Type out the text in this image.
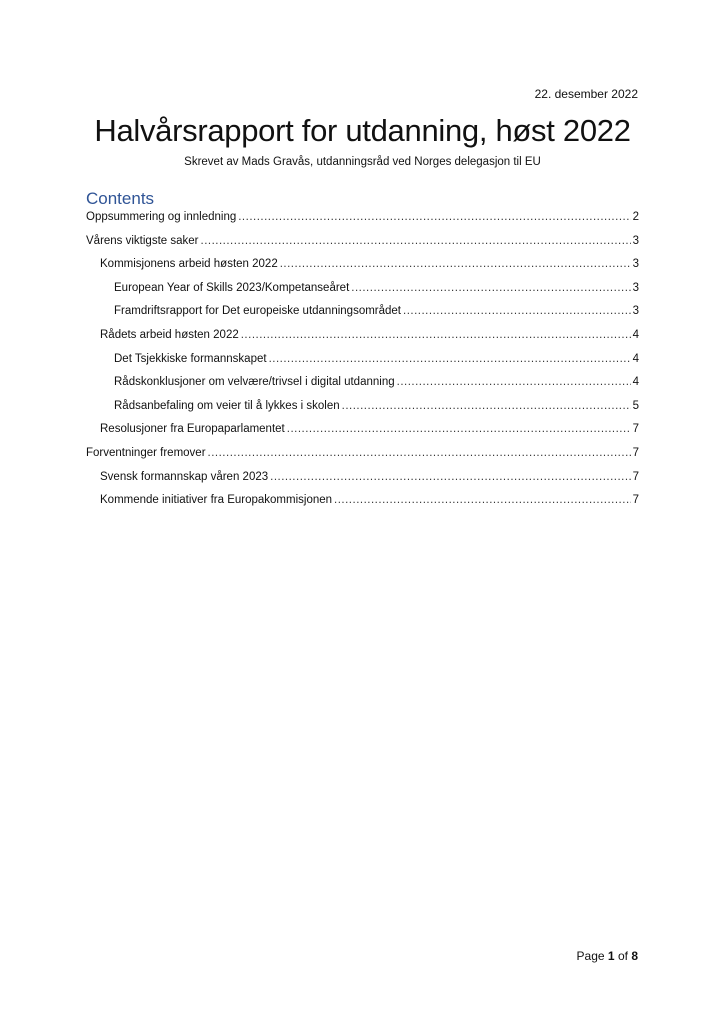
22. desember 2022
Halvårsrapport for utdanning, høst 2022
Skrevet av Mads Gravås, utdanningsråd ved Norges delegasjon til EU
Contents
Oppsummering og innledning .....	2
Vårens viktigste saker .....	3
Kommisjonens arbeid høsten 2022 .....	3
European Year of Skills 2023/Kompetanseåret .....	3
Framdriftsrapport for Det europeiske utdanningsområdet .....	3
Rådets arbeid høsten 2022 .....	4
Det Tsjekkiske formannskapet .....	4
Rådskonklusjoner om velvære/trivsel i digital utdanning .....	4
Rådsanbefaling om veier til å lykkes i skolen .....	5
Resolusjoner fra Europaparlamentet .....	7
Forventninger fremover .....	7
Svensk formannskap våren 2023 .....	7
Kommende initiativer fra Europakommisjonen .....	7
Page 1 of 8
